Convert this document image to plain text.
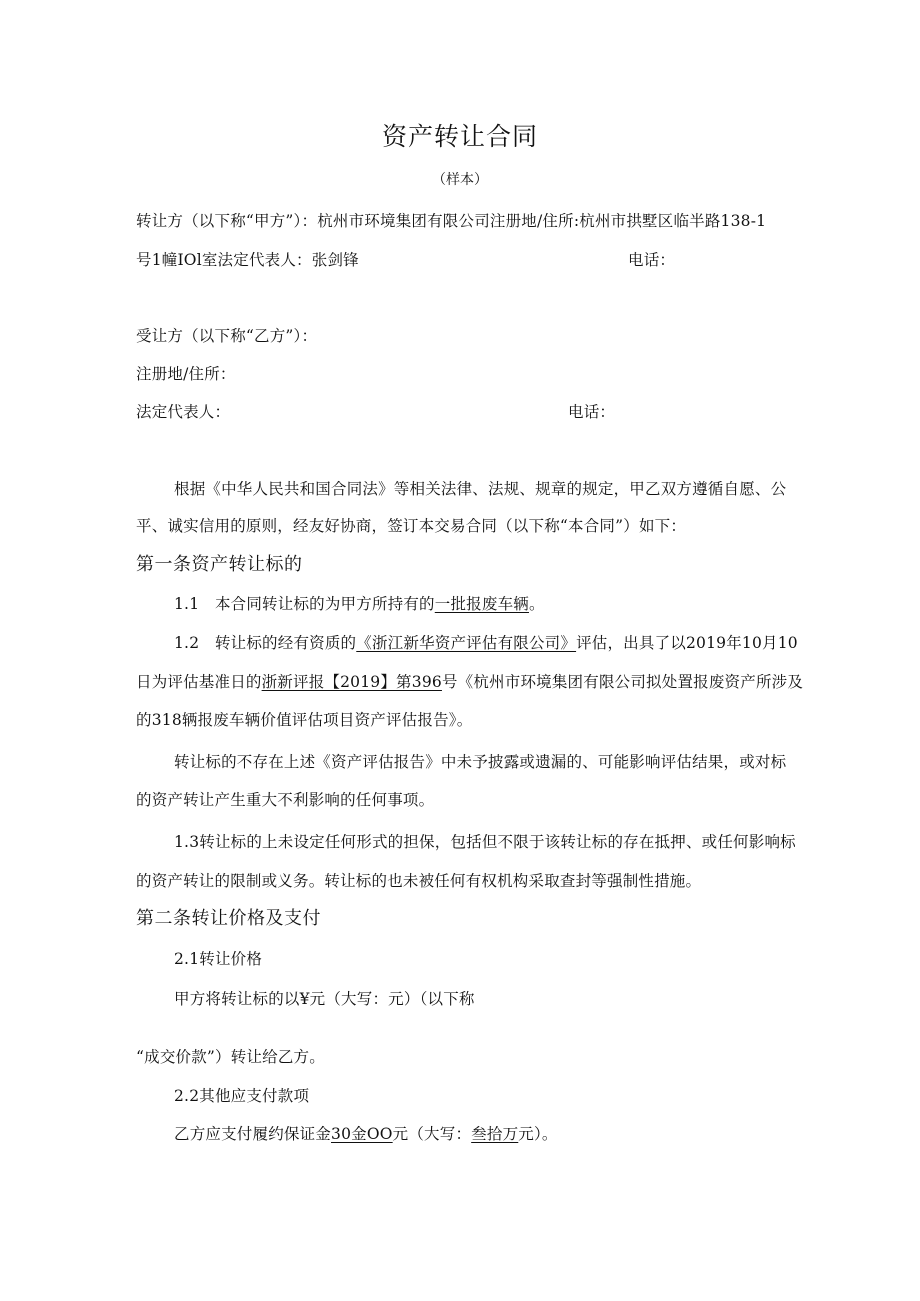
资产转让合同
（样本）
转让方（以下称“甲方”）：杭州市环境集团有限公司注册地/住所:杭州市拱墅区临半路138-1
号1幢IOl室法定代表人：张剑锋	电话：
受让方（以下称“乙方”）：
注册地/住所：
法定代表人：	电话：
根据《中华人民共和国合同法》等相关法律、法规、规章的规定，甲乙双方遵循自愿、公
平、诚实信用的原则，经友好协商，签订本交易合同（以下称“本合同”）如下：
第一条资产转让标的
1.1　本合同转让标的为甲方所持有的一批报废车辆。
1.2　转让标的经有资质的《浙江新华资产评估有限公司》评估，出具了以2019年10月10
日为评估基准日的浙新评报【2019】第396号《杭州市环境集团有限公司拟处置报废资产所涉及
的318辆报废车辆价值评估项目资产评估报告》。
转让标的不存在上述《资产评估报告》中未予披露或遗漏的、可能影响评估结果，或对标
的资产转让产生重大不利影响的任何事项。
1.3转让标的上未设定任何形式的担保，包括但不限于该转让标的存在抵押、或任何影响标
的资产转让的限制或义务。转让标的也未被任何有权机构采取查封等强制性措施。
第二条转让价格及支付
2.1转让价格
甲方将转让标的以¥元（大写：元）（以下称
“成交价款”）转让给乙方。
2.2其他应支付款项
乙方应支付履约保证金30金OO元（大写：叁拾万元）。
